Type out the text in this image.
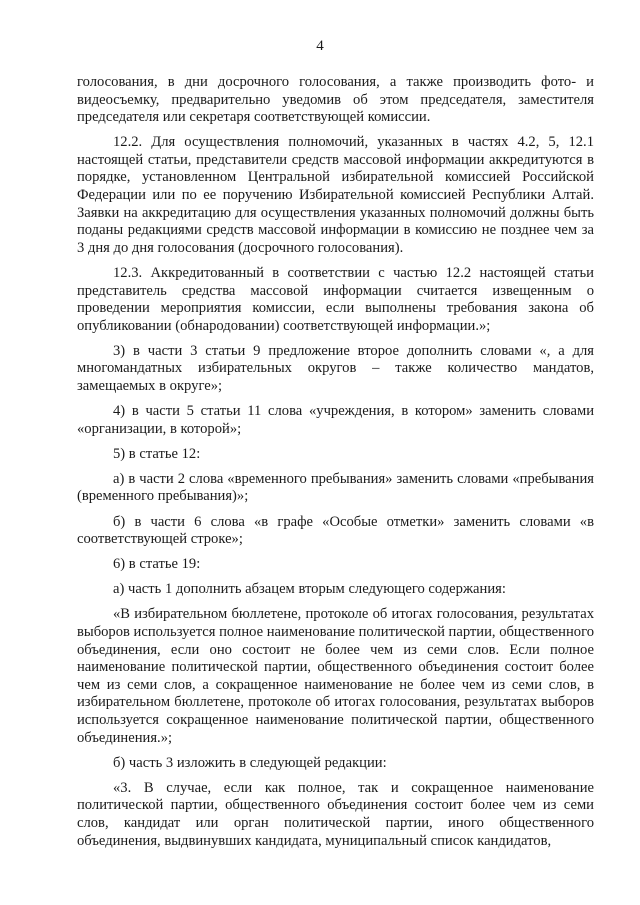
4

голосования, в дни досрочного голосования, а также производить фото- и видеосъемку, предварительно уведомив об этом председателя, заместителя председателя или секретаря соответствующей комиссии.

12.2. Для осуществления полномочий, указанных в частях 4.2, 5, 12.1 настоящей статьи, представители средств массовой информации аккредитуются в порядке, установленном Центральной избирательной комиссией Российской Федерации или по ее поручению Избирательной комиссией Республики Алтай. Заявки на аккредитацию для осуществления указанных полномочий должны быть поданы редакциями средств массовой информации в комиссию не позднее чем за 3 дня до дня голосования (досрочного голосования).

12.3. Аккредитованный в соответствии с частью 12.2 настоящей статьи представитель средства массовой информации считается извещенным о проведении мероприятия комиссии, если выполнены требования закона об опубликовании (обнародовании) соответствующей информации.»;

3) в части 3 статьи 9 предложение второе дополнить словами «, а для многомандатных избирательных округов – также количество мандатов, замещаемых в округе»;

4) в части 5 статьи 11 слова «учреждения, в котором» заменить словами «организации, в которой»;

5) в статье 12:

а) в части 2 слова «временного пребывания» заменить словами «пребывания (временного пребывания)»;

б) в части 6 слова «в графе «Особые отметки» заменить словами «в соответствующей строке»;

6) в статье 19:

а) часть 1 дополнить абзацем вторым следующего содержания:

«В избирательном бюллетене, протоколе об итогах голосования, результатах выборов используется полное наименование политической партии, общественного объединения, если оно состоит не более чем из семи слов. Если полное наименование политической партии, общественного объединения состоит более чем из семи слов, а сокращенное наименование не более чем из семи слов, в избирательном бюллетене, протоколе об итогах голосования, результатах выборов используется сокращенное наименование политической партии, общественного объединения.»;

б) часть 3 изложить в следующей редакции:

«3. В случае, если как полное, так и сокращенное наименование политической партии, общественного объединения состоит более чем из семи слов, кандидат или орган политической партии, иного общественного объединения, выдвинувших кандидата, муниципальный список кандидатов,
